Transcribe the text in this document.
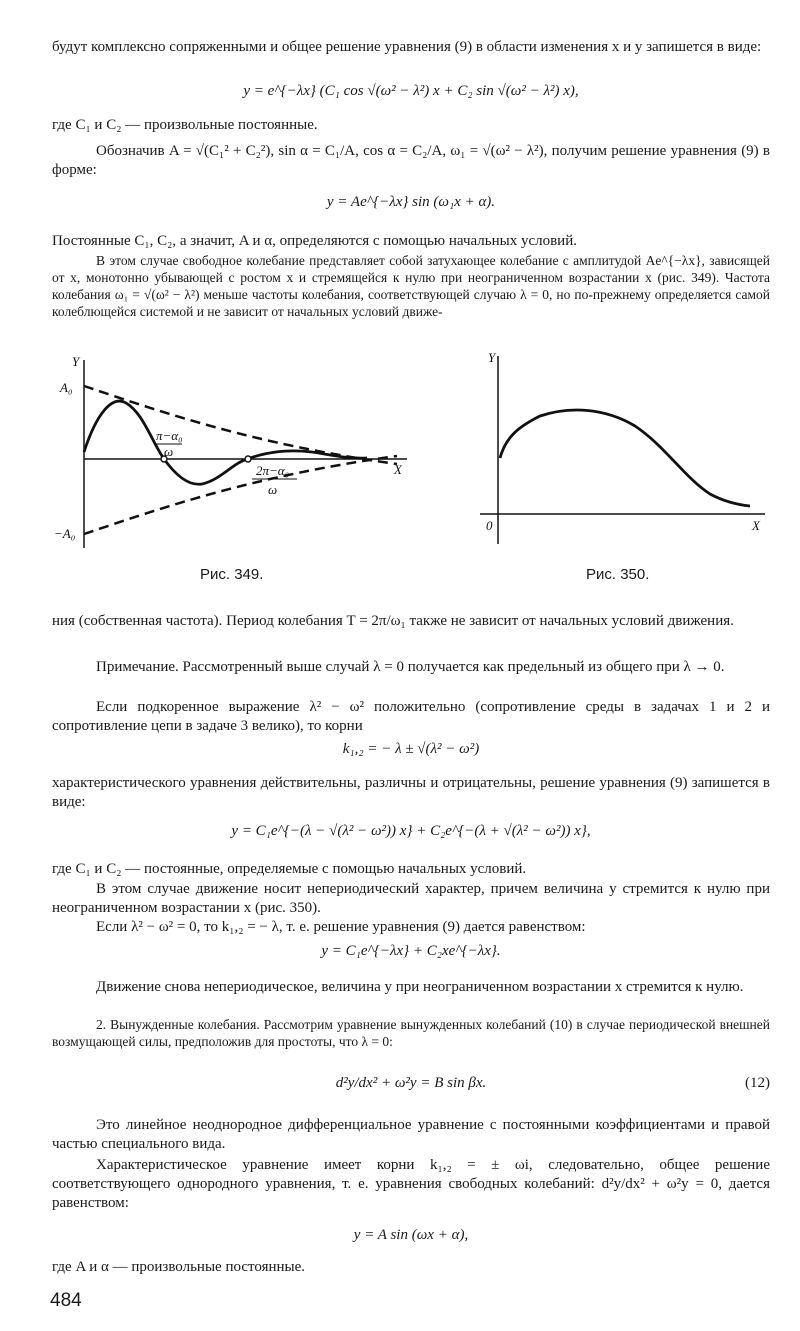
будут комплексно сопряженными и общее решение уравнения (9) в области изменения x и y запишется в виде:

y = e^{−λx} (C₁ cos √(ω² − λ²) x + C₂ sin √(ω² − λ²) x),

где C₁ и C₂ — произвольные постоянные.

Обозначив A = √(C₁² + C₂²), sin α = C₁/A, cos α = C₂/A, ω₁ = √(ω² − λ²), получим решение уравнения (9) в форме:

y = Ae^{−λx} sin (ω₁x + α).

Постоянные C₁, C₂, а значит, A и α, определяются с помощью начальных условий.

В этом случае свободное колебание представляет собой затухающее колебание с амплитудой Ae^{−λx}, зависящей от x, монотонно убывающей с ростом x и стремящейся к нулю при неограниченном возрастании x (рис. 349). Частота колебания ω₁ = √(ω² − λ²) меньше частоты колебания, соответствующей случаю λ = 0, но по-прежнему определяется самой колеблющейся системой и не зависит от начальных условий движе-

Y
X
A₀
−A₀
π−α₀
ω
2π−α₀
ω
Рис. 349.
Y
X
0
Рис. 350.

ния (собственная частота). Период колебания T = 2π/ω₁ также не зависит от начальных условий движения.

Примечание. Рассмотренный выше случай λ = 0 получается как предельный из общего при λ → 0.

Если подкоренное выражение λ² − ω² положительно (сопротивление среды в задачах 1 и 2 и сопротивление цепи в задаче 3 велико), то корни

k₁,₂ = − λ ± √(λ² − ω²)

характеристического уравнения действительны, различны и отрицательны, решение уравнения (9) запишется в виде:

y = C₁e^{−(λ − √(λ² − ω²)) x} + C₂e^{−(λ + √(λ² − ω²)) x},

где C₁ и C₂ — постоянные, определяемые с помощью начальных условий.

В этом случае движение носит непериодический характер, причем величина y стремится к нулю при неограниченном возрастании x (рис. 350).

Если λ² − ω² = 0, то k₁,₂ = − λ, т. е. решение уравнения (9) дается равенством:

y = C₁e^{−λx} + C₂xe^{−λx}.

Движение снова непериодическое, величина y при неограниченном возрастании x стремится к нулю.

2. Вынужденные колебания. Рассмотрим уравнение вынужденных колебаний (10) в случае периодической внешней возмущающей силы, предположив для простоты, что λ = 0:

d²y/dx² + ω²y = B sin βx.	(12)

Это линейное неоднородное дифференциальное уравнение с постоянными коэффициентами и правой частью специального вида.

Характеристическое уравнение имеет корни k₁,₂ = ± ωi, следовательно, общее решение соответствующего однородного уравнения, т. е. уравнения свободных колебаний: d²y/dx² + ω²y = 0, дается равенством:

y = A sin (ωx + α),

где A и α — произвольные постоянные.

484
